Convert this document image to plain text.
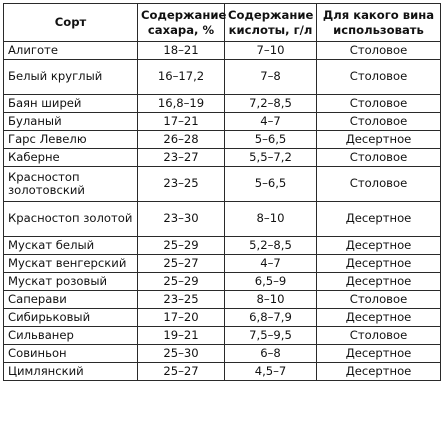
Сорт	Содержание сахара, %	Содержание кислоты, г/л	Для какого вина использовать
Алиготе	18–21	7–10	Столовое
Белый круглый	16–17,2	7–8	Столовое
Баян ширей	16,8–19	7,2–8,5	Столовое
Буланый	17–21	4–7	Столовое
Гарс Левелю	26–28	5–6,5	Десертное
Каберне	23–27	5,5–7,2	Столовое
Красностоп золотовский	23–25	5–6,5	Столовое
Красностоп золотой	23–30	8–10	Десертное
Мускат белый	25–29	5,2–8,5	Десертное
Мускат венгерский	25–27	4–7	Десертное
Мускат розовый	25–29	6,5–9	Десертное
Саперави	23–25	8–10	Столовое
Сибирьковый	17–20	6,8–7,9	Десертное
Сильванер	19–21	7,5–9,5	Столовое
Совиньон	25–30	6–8	Десертное
Цимлянский	25–27	4,5–7	Десертное
